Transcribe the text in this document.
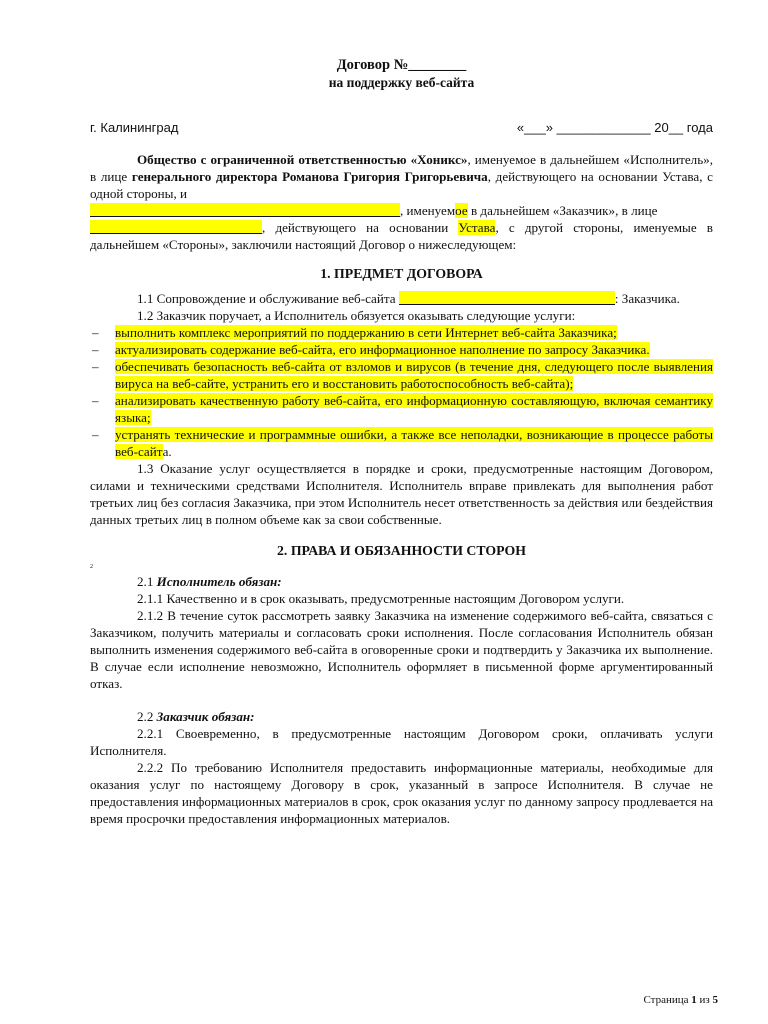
Договор №________
на поддержку веб-сайта
г. Калининград	«___» _____________ 20__ года

Общество с ограниченной ответственностью «Хоникс», именуемое в дальнейшем «Исполнитель», в лице генерального директора Романова Григория Григорьевича, действующего на основании Устава, с одной стороны, и
, именуемое в дальнейшем «Заказчик», в лице
, действующего на основании Устава, с другой стороны, именуемые в дальнейшем «Стороны», заключили настоящий Договор о нижеследующем:

1. ПРЕДМЕТ ДОГОВОРА

1.1 Сопровождение и обслуживание веб-сайта	: Заказчика.

1.2 Заказчик поручает, а Исполнитель обязуется оказывать следующие услуги:

–	выполнить комплекс мероприятий по поддержанию в сети Интернет веб-сайта Заказчика;
–	актуализировать содержание веб-сайта, его информационное наполнение по запросу Заказчика.
–	обеспечивать безопасность веб-сайта от взломов и вирусов (в течение дня, следующего после выявления вируса на веб-сайте, устранить его и восстановить работоспособность веб-сайта);
–	анализировать качественную работу веб-сайта, его информационную составляющую, включая семантику языка;
–	устранять технические и программные ошибки, а также все неполадки, возникающие в процессе работы веб-сайта.

1.3 Оказание услуг осуществляется в порядке и сроки, предусмотренные настоящим Договором, силами и техническими средствами Исполнителя. Исполнитель вправе привлекать для выполнения работ третьих лиц без согласия Заказчика, при этом Исполнитель несет ответственность за действия или бездействия данных третьих лиц в полном объеме как за свои собственные.

2. ПРАВА И ОБЯЗАННОСТИ СТОРОН
2

2.1 Исполнитель обязан:

2.1.1 Качественно и в срок оказывать, предусмотренные настоящим Договором услуги.

2.1.2 В течение суток рассмотреть заявку Заказчика на изменение содержимого веб-сайта, связаться с Заказчиком, получить материалы и согласовать сроки исполнения. После согласования Исполнитель обязан выполнить изменения содержимого веб-сайта в оговоренные сроки и подтвердить у Заказчика их выполнение. В случае если исполнение невозможно, Исполнитель оформляет в письменной форме аргументированный отказ.

2.2 Заказчик обязан:

2.2.1 Своевременно, в предусмотренные настоящим Договором сроки, оплачивать услуги Исполнителя.

2.2.2 По требованию Исполнителя предоставить информационные материалы, необходимые для оказания услуг по настоящему Договору в срок, указанный в запросе Исполнителя. В случае не предоставления информационных материалов в срок, срок оказания услуг по данному запросу продлевается на время просрочки предоставления информационных материалов.

Страница 1 из 5
